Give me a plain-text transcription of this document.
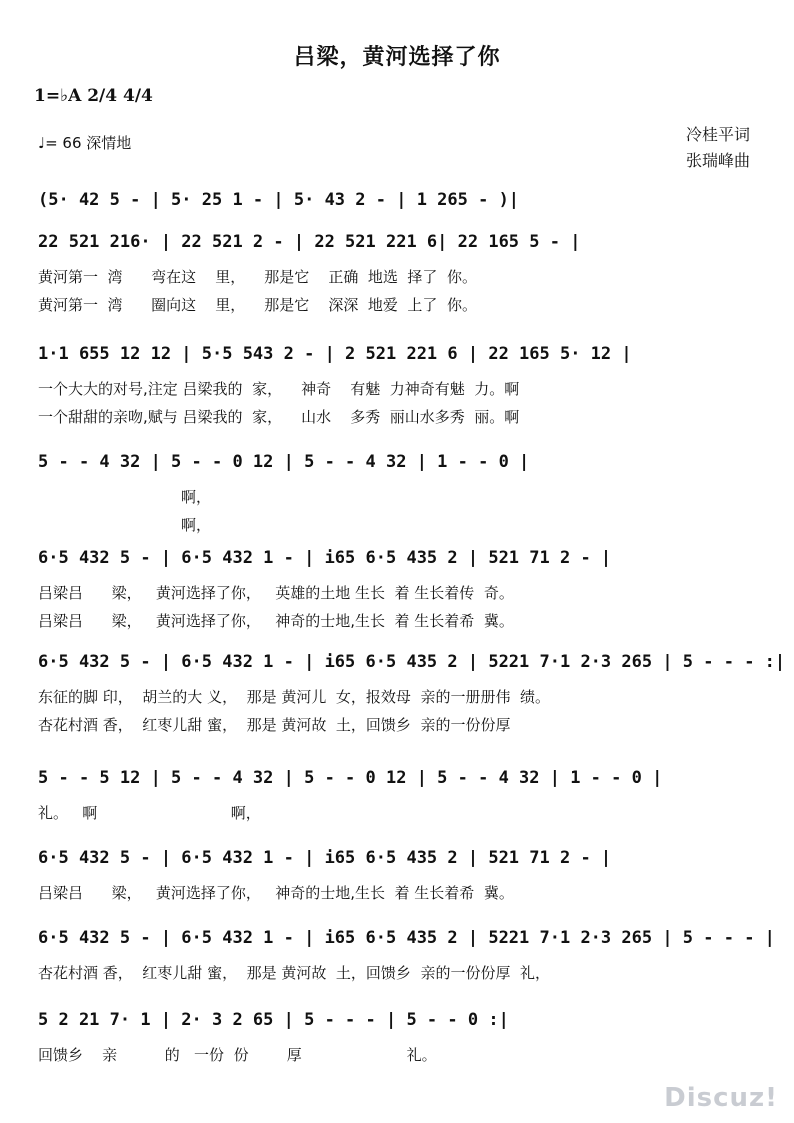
吕梁，黄河选择了你
1=♭A 2/4 4/4
♩= 66 深情地	冷桂平词
张瑞峰曲
(5· 42 5 - | 5· 25 1 - | 5· 43 2 - | 1 265 - )|
22 521 216· | 22 521 2 - | 22 521 221 6| 22 165 5 - |
黄河第一  湾      弯在这    里，    那是它    正确  地选  择了  你。
黄河第一  湾      圈向这    里，    那是它    深深  地爱  上了  你。
1·1 655 12 12 | 5·5 543 2 - | 2 521 221 6 | 22 165 5· 12 |
一个大大的对号,注定 吕梁我的  家，    神奇    有魅  力神奇有魅  力。啊
一个甜甜的亲吻,赋与 吕梁我的  家，    山水    多秀  丽山水多秀  丽。啊
5 - - 4 32 | 5 - - 0 12 | 5 - - 4 32 | 1 - - 0 |
啊，
啊，
6·5 432 5 - | 6·5 432 1 - | i65 6·5 435 2 | 521 71 2 - |
吕梁吕      梁，   黄河选择了你，   英雄的土地 生长  着 生长着传  奇。
吕梁吕      梁，   黄河选择了你，   神奇的士地,生长  着 生长着希  冀。
6·5 432 5 - | 6·5 432 1 - | i65 6·5 435 2 | 5221 7·1 2·3 265 | 5 - - - :|
东征的脚 印，  胡兰的大 义，  那是 黄河儿  女，报效母  亲的一册册伟  绩。
杏花村酒 香，  红枣儿甜 蜜，  那是 黄河故  土，回馈乡  亲的一份份厚
5 - - 5 12 | 5 - - 4 32 | 5 - - 0 12 | 5 - - 4 32 | 1 - - 0 |
礼。   啊                            啊，
6·5 432 5 - | 6·5 432 1 - | i65 6·5 435 2 | 521 71 2 - |
吕梁吕      梁，   黄河选择了你，   神奇的士地,生长  着 生长着希  冀。
6·5 432 5 - | 6·5 432 1 - | i65 6·5 435 2 | 5221 7·1 2·3 265 | 5 - - - |
杏花村酒 香，  红枣儿甜 蜜，  那是 黄河故  土，回馈乡  亲的一份份厚  礼，
5 2 21 7· 1 | 2· 3 2 65 | 5 - - - | 5 - - 0 :|
回馈乡    亲          的   一份  份        厚                      礼。
Discuz!
